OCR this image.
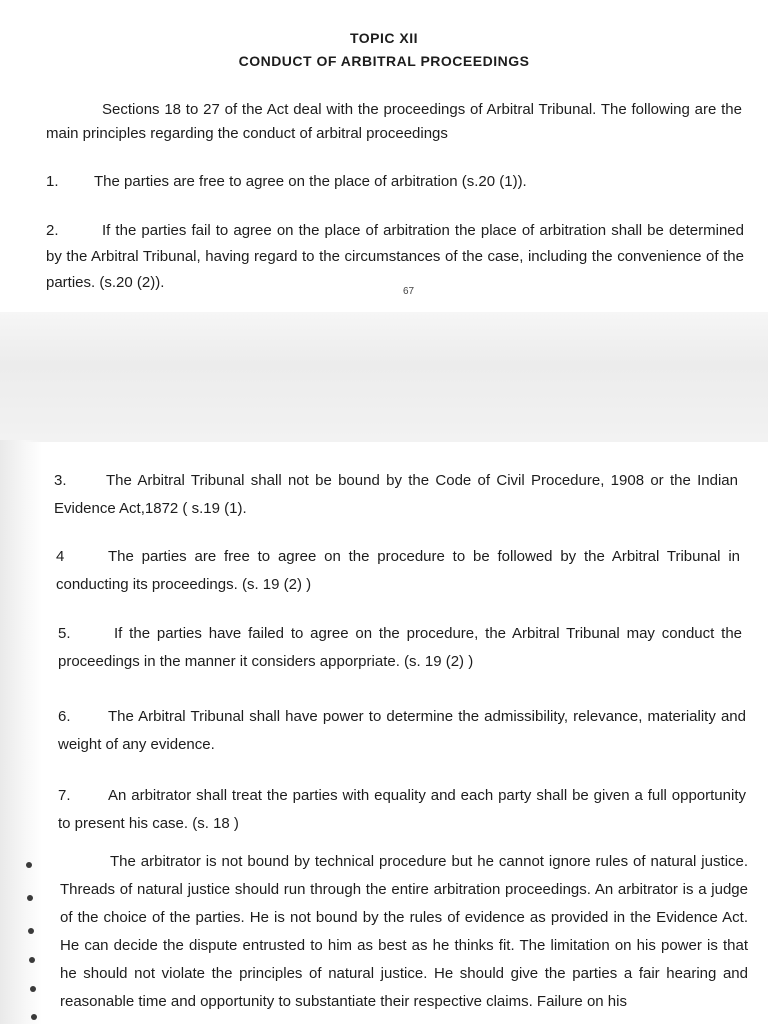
TOPIC XII
CONDUCT OF ARBITRAL PROCEEDINGS

Sections 18 to 27 of the Act deal with the proceedings of Arbitral Tribunal. The following are the main principles regarding the conduct of arbitral proceedings

1. The parties are free to agree on the place of arbitration (s.20 (1)).

2.	If the parties fail to agree on the place of arbitration the place of arbitration shall be determined by the Arbitral Tribunal, having regard to the circumstances of the case, including the convenience of the parties. (s.20 (2)).

67

3.	The Arbitral Tribunal shall not be bound by the Code of Civil Procedure, 1908 or the Indian Evidence Act,1872 ( s.19 (1).

4	The parties are free to agree on the procedure to be followed by the Arbitral Tribunal in conducting its proceedings. (s. 19 (2) )

5.	If the parties have failed to agree on the procedure, the Arbitral Tribunal may conduct the proceedings in the manner it considers apporpriate. (s. 19 (2) )

6. The Arbitral Tribunal shall have power to determine the admissibility, relevance, materiality and weight of any evidence.

7. An arbitrator shall treat the parties with equality and each party shall be given a full opportunity to present his case. (s. 18 )

The arbitrator is not bound by technical procedure but he cannot ignore rules of natural justice. Threads of natural justice should run through the entire arbitration proceedings. An arbitrator is a judge of the choice of the parties. He is not bound by the rules of evidence as provided in the Evidence Act. He can decide the dispute entrusted to him as best as he thinks fit. The limitation on his power is that he should not violate the principles of natural justice. He should give the parties a fair hearing and reasonable time and opportunity to substantiate their respective claims. Failure on his
